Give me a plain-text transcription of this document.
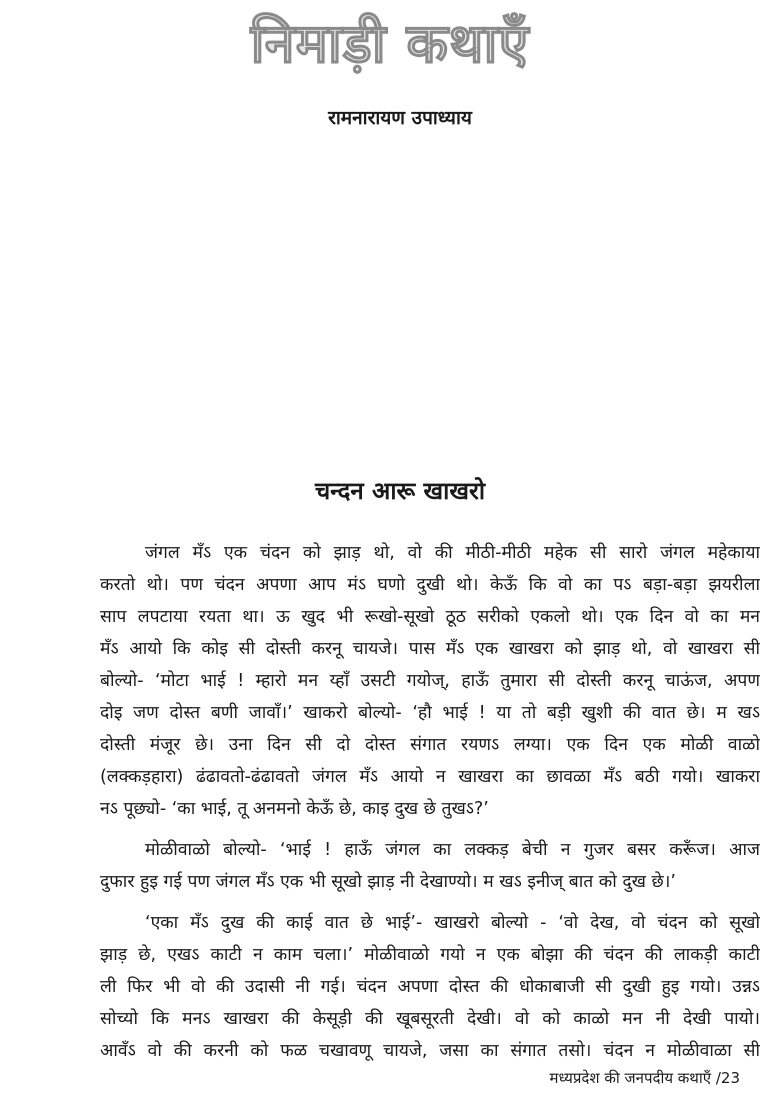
निमाड़ी कथाएँ
रामनारायण उपाध्याय
चन्दन आरू खाखरो
जंगल मँऽ एक चंदन को झाड़ थो, वो की मीठी-मीठी महेक सी सारो जंगल महेकाया
करतो थो। पण चंदन अपणा आप मंऽ घणो दुखी थो। केऊँ कि वो का पऽ बड़ा-बड़ा झयरीला
साप लपटाया रयता था। ऊ खुद भी रूखो-सूखो ठूठ सरीको एकलो थो। एक दिन वो का मन
मँऽ आयो कि कोइ सी दोस्ती करनू चायजे। पास मँऽ एक खाखरा को झाड़ थो, वो खाखरा सी
बोल्यो- ‘मोटा भाई ! म्हारो मन य्हाँ उसटी गयोज्, हाऊँ तुमारा सी दोस्ती करनू चाऊंज, अपण
दोइ जण दोस्त बणी जावाँ।’ खाकरो बोल्यो- ‘हौ भाई ! या तो बड़ी खुशी की वात छे। म खऽ
दोस्ती मंजूर छे। उना दिन सी दो दोस्त संगात रयणऽ लग्या। एक दिन एक मोळी वाळो
(लक्कड़हारा) ढंढावतो-ढंढावतो जंगल मँऽ आयो न खाखरा का छावळा मँऽ बठी गयो। खाकरा
नऽ पूछ्यो- ‘का भाई, तू अनमनो केऊँ छे, काइ दुख छे तुखऽ?’
मोळीवाळो बोल्यो- ‘भाई ! हाऊँ जंगल का लक्कड़ बेची न गुजर बसर करूँज। आज
दुफार हुइ गई पण जंगल मँऽ एक भी सूखो झाड़ नी देखाण्यो। म खऽ इनीज् बात को दुख छे।’
‘एका मँऽ दुख की काई वात छे भाई’- खाखरो बोल्यो - ‘वो देख, वो चंदन को सूखो
झाड़ छे, एखऽ काटी न काम चला।’ मोळीवाळो गयो न एक बोझा की चंदन की लाकड़ी काटी
ली फिर भी वो की उदासी नी गई। चंदन अपणा दोस्त की धोकाबाजी सी दुखी हुइ गयो। उन्नऽ
सोच्यो कि मनऽ खाखरा की केसूड़ी की खूबसूरती देखी। वो को काळो मन नी देखी पायो।
आवँऽ वो की करनी को फळ चखावणू चायजे, जसा का संगात तसो। चंदन न मोळीवाळा सी
मध्यप्रदेश की जनपदीय कथाएँ /23
